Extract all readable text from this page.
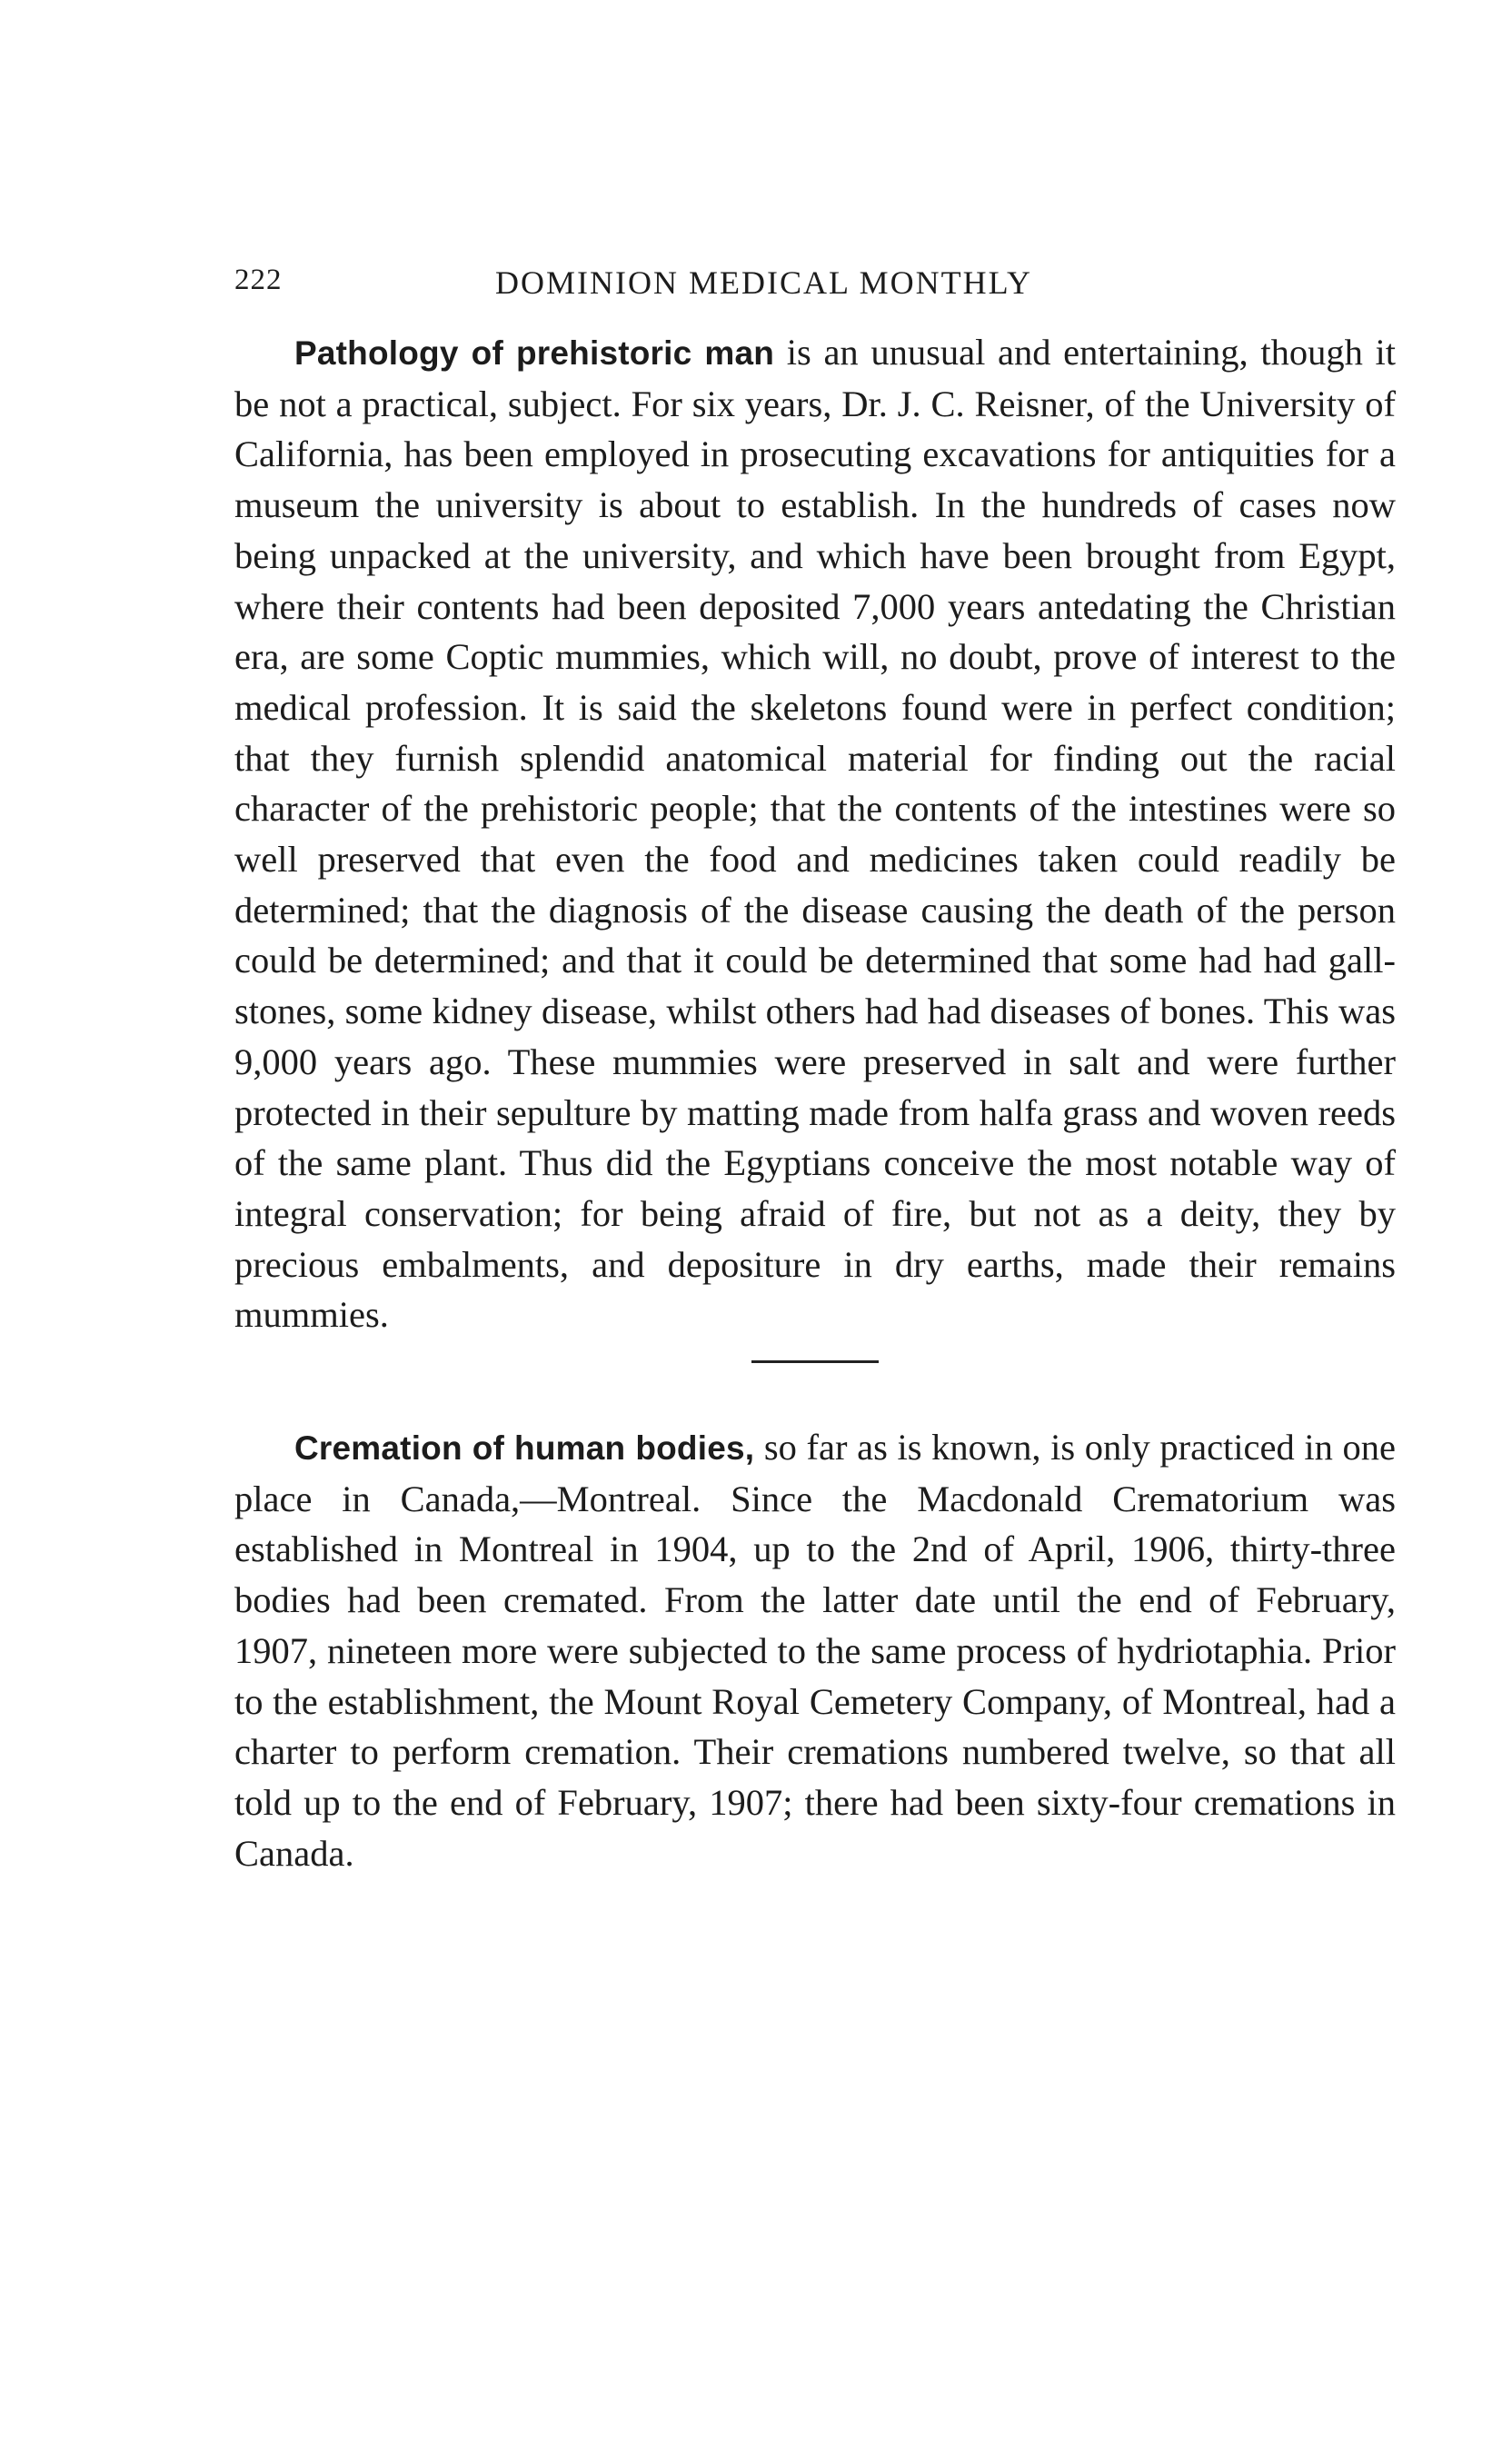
222	DOMINION MEDICAL MONTHLY

Pathology of prehistoric man is an unusual and entertaining, though it be not a practical, subject. For six years, Dr. J. C. Reisner, of the University of California, has been employed in prosecuting excavations for antiquities for a museum the university is about to establish. In the hundreds of cases now being unpacked at the university, and which have been brought from Egypt, where their contents had been deposited 7,000 years antedating the Christian era, are some Coptic mummies, which will, no doubt, prove of interest to the medical profession. It is said the skeletons found were in perfect condition; that they furnish splendid anatomical material for finding out the racial character of the prehistoric people; that the contents of the intestines were so well preserved that even the food and medicines taken could readily be determined; that the diagnosis of the disease causing the death of the person could be determined; and that it could be determined that some had had gall-stones, some kidney disease, whilst others had had diseases of bones. This was 9,000 years ago. These mummies were preserved in salt and were further protected in their sepulture by matting made from halfa grass and woven reeds of the same plant. Thus did the Egyptians conceive the most notable way of integral conservation; for being afraid of fire, but not as a deity, they by precious embalments, and depositure in dry earths, made their remains mummies.

Cremation of human bodies, so far as is known, is only practiced in one place in Canada,—Montreal. Since the Macdonald Crematorium was established in Montreal in 1904, up to the 2nd of April, 1906, thirty-three bodies had been cremated. From the latter date until the end of February, 1907, nineteen more were subjected to the same process of hydriotaphia. Prior to the establishment, the Mount Royal Cemetery Company, of Montreal, had a charter to perform cremation. Their cremations numbered twelve, so that all told up to the end of February, 1907; there had been sixty-four cremations in Canada.
